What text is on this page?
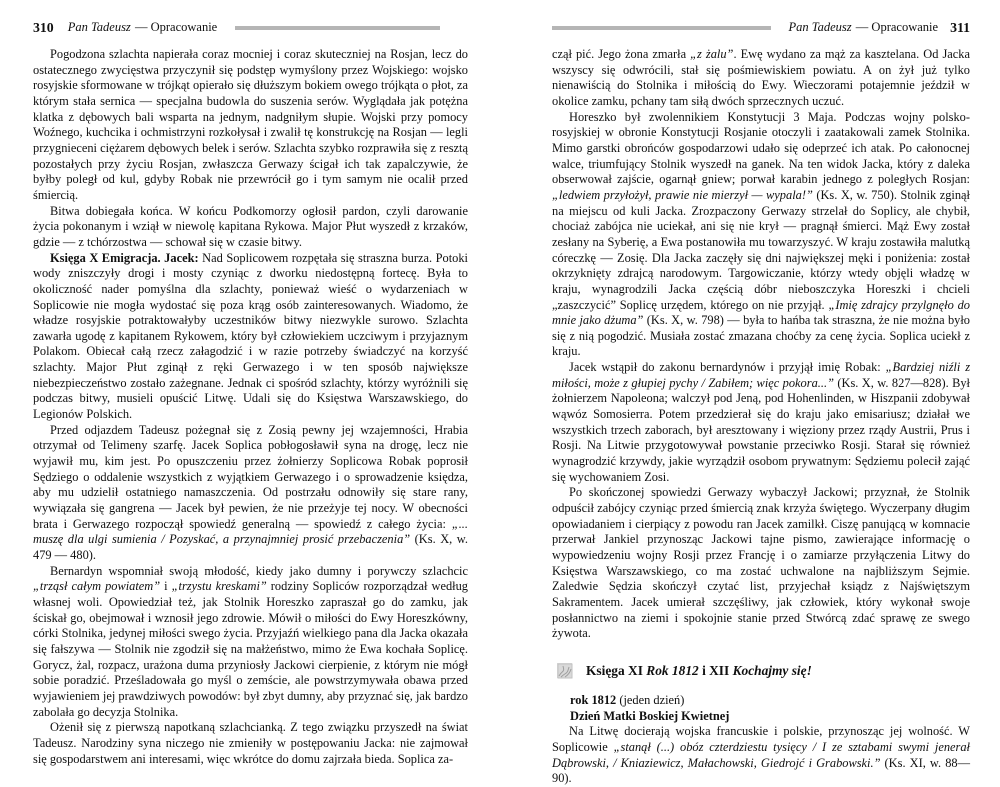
310 Pan Tadeusz  — Opracowanie
Pogodzona szlachta napierała coraz mocniej i coraz skuteczniej na Rosjan, lecz do ostatecznego zwycięstwa przyczynił się podstęp wymyślony przez Wojskiego: wojsko rosyjskie sformowane w trójkąt opierało się dłuższym bokiem owego trójkąta o płot, za którym stała sernica — specjalna budowla do suszenia serów. Wyglądała jak potężna klatka z dębowych bali wsparta na jednym, nadgniłym słupie. Wojski przy pomocy Woźnego, kuchcika i ochmistrzyni rozkołysał i zwalił tę konstrukcję na Rosjan — legli przygnieceni ciężarem dębowych belek i serów. Szlachta szybko rozprawiła się z resztą pozostałych przy życiu Rosjan, zwłaszcza Gerwazy ścigał ich tak zapalczywie, że byłby poległ od kul, gdyby Robak nie przewrócił go i tym samym nie ocalił przed śmiercią.
Bitwa dobiegała końca. W końcu Podkomorzy ogłosił pardon, czyli darowanie życia pokonanym i wziął w niewolę kapitana Rykowa. Major Płut wyszedł z krzaków, gdzie — z tchórzostwa — schował się w czasie bitwy.
Księga X Emigracja. Jacek: Nad Soplicowem rozpętała się straszna burza. Potoki wody zniszczyły drogi i mosty czyniąc z dworku niedostępną fortecę. Była to okoliczność nader pomyślna dla szlachty, ponieważ wieść o wydarzeniach w Soplicowie nie mogła wydostać się poza krąg osób zainteresowanych. Wiadomo, że władze rosyjskie potraktowałyby uczestników bitwy niezwykle surowo. Szlachta zawarła ugodę z kapitanem Rykowem, który był człowiekiem uczciwym i przyjaznym Polakom. Obiecał całą rzecz załagodzić i w razie potrzeby świadczyć na korzyść szlachty. Major Płut zginął z ręki Gerwazego i w ten sposób największe niebezpieczeństwo zostało zażegnane. Jednak ci spośród szlachty, którzy wyróżnili się podczas bitwy, musieli opuścić Litwę. Udali się do Księstwa Warszawskiego, do Legionów Polskich.
Przed odjazdem Tadeusz pożegnał się z Zosią pewny jej wzajemności, Hrabia otrzymał od Telimeny szarfę. Jacek Soplica pobłogosławił syna na drogę, lecz nie wyjawił mu, kim jest. Po opuszczeniu przez żołnierzy Soplicowa Robak poprosił Sędziego o oddalenie wszystkich z wyjątkiem Gerwazego i o sprowadzenie księdza, aby mu udzielił ostatniego namaszczenia. Od postrzału odnowiły się stare rany, wywiązała się gangrena — Jacek był pewien, że nie przeżyje tej nocy. W obecności brata i Gerwazego rozpoczął spowiedź generalną — spowiedź z całego życia: „... muszę dla ulgi sumienia / Pozyskać, a przynajmniej prosić przebaczenia” (Ks. X, w. 479 — 480).
Bernardyn wspomniał swoją młodość, kiedy jako dumny i porywczy szlachcic „trząsł całym powiatem” i „trzystu kreskami” rodziny Sopliców rozporządzał według własnej woli. Opowiedział też, jak Stolnik Horeszko zapraszał go do zamku, jak ściskał go, obejmował i wznosił jego zdrowie. Mówił o miłości do Ewy Horeszkówny, córki Stolnika, jedynej miłości swego życia. Przyjaźń wielkiego pana dla Jacka okazała się fałszywa — Stolnik nie zgodził się na małżeństwo, mimo że Ewa kochała Soplicę. Gorycz, żal, rozpacz, urażona duma przyniosły Jackowi cierpienie, z którym nie mógł sobie poradzić. Prześladowała go myśl o zemście, ale powstrzymywała obawa przed wyjawieniem jej prawdziwych powodów: był zbyt dumny, aby przyznać się, jak bardzo zabolała go decyzja Stolnika.
Ożenił się z pierwszą napotkaną szlachcianką. Z tego związku przyszedł na świat Tadeusz. Narodziny syna niczego nie zmieniły w postępowaniu Jacka: nie zajmował się gospodarstwem ani interesami, więc wkrótce do domu zajrzała bieda. Soplica za-
Pan Tadeusz  — Opracowanie 311
czął pić. Jego żona zmarła „z żalu”. Ewę wydano za mąż za kasztelana. Od Jacka wszyscy się odwrócili, stał się pośmiewiskiem powiatu. A on żył już tylko nienawiścią do Stolnika i miłością do Ewy. Wieczorami potajemnie jeździł w okolice zamku, pchany tam siłą dwóch sprzecznych uczuć.
Horeszko był zwolennikiem Konstytucji 3 Maja. Podczas wojny polsko-rosyjskiej w obronie Konstytucji Rosjanie otoczyli i zaatakowali zamek Stolnika. Mimo garstki obrońców gospodarzowi udało się odeprzeć ich atak. Po całonocnej walce, triumfujący Stolnik wyszedł na ganek. Na ten widok Jacka, który z daleka obserwował zajście, ogarnął gniew; porwał karabin jednego z poległych Rosjan: „ledwiem przyłożył, prawie nie mierzył — wypala!” (Ks. X, w. 750). Stolnik zginął na miejscu od kuli Jacka. Zrozpaczony Gerwazy strzelał do Soplicy, ale chybił, chociaż zabójca nie uciekał, ani się nie krył — pragnął śmierci. Mąż Ewy został zesłany na Syberię, a Ewa postanowiła mu towarzyszyć. W kraju zostawiła malutką córeczkę — Zosię. Dla Jacka zaczęły się dni największej męki i poniżenia: został okrzyknięty zdrajcą narodowym. Targowiczanie, którzy wtedy objęli władzę w kraju, wynagrodzili Jacka częścią dóbr nieboszczyka Horeszki i chcieli „zaszczycić” Soplicę urzędem, którego on nie przyjął. „Imię zdrajcy przylgnęło do mnie jako dżuma” (Ks. X, w. 798) — była to hańba tak straszna, że nie można było się z nią pogodzić. Musiała zostać zmazana choćby za cenę życia. Soplica uciekł z kraju.
Jacek wstąpił do zakonu bernardynów i przyjął imię Robak: „Bardziej niźli z miłości, może z głupiej pychy / Zabiłem; więc pokora...” (Ks. X, w. 827—828). Był żołnierzem Napoleona; walczył pod Jeną, pod Hohenlinden, w Hiszpanii zdobywał wąwóz Somosierra. Potem przedzierał się do kraju jako emisariusz; działał we wszystkich trzech zaborach, był aresztowany i więziony przez rządy Austrii, Prus i Rosji. Na Litwie przygotowywał powstanie przeciwko Rosji. Starał się również wynagrodzić krzywdy, jakie wyrządził osobom prywatnym: Sędziemu polecił zająć się wychowaniem Zosi.
Po skończonej spowiedzi Gerwazy wybaczył Jackowi; przyznał, że Stolnik odpuścił zabójcy czyniąc przed śmiercią znak krzyża świętego. Wyczerpany długim opowiadaniem i cierpiący z powodu ran Jacek zamilkł. Ciszę panującą w komnacie przerwał Jankiel przynosząc Jackowi tajne pismo, zawierające informację o wypowiedzeniu wojny Rosji przez Francję i o zamiarze przyłączenia Litwy do Księstwa Warszawskiego, co ma zostać uchwalone na najbliższym Sejmie. Zaledwie Sędzia skończył czytać list, przyjechał ksiądz z Najświętszym Sakramentem. Jacek umierał szczęśliwy, jak człowiek, który wykonał swoje posłannictwo na ziemi i spokojnie stanie przed Stwórcą zdać sprawę ze swego żywota.
Księga XI Rok 1812 i XII Kochajmy się!
rok 1812 (jeden dzień)
Dzień Matki Boskiej Kwietnej
Na Litwę docierają wojska francuskie i polskie, przynosząc jej wolność. W Soplicowie „stanął (...) obóz czterdziestu tysięcy / I ze sztabami swymi jenerał Dąbrowski, / Kniaziewicz, Małachowski, Giedrojć i Grabowski.” (Ks. XI, w. 88—90).
